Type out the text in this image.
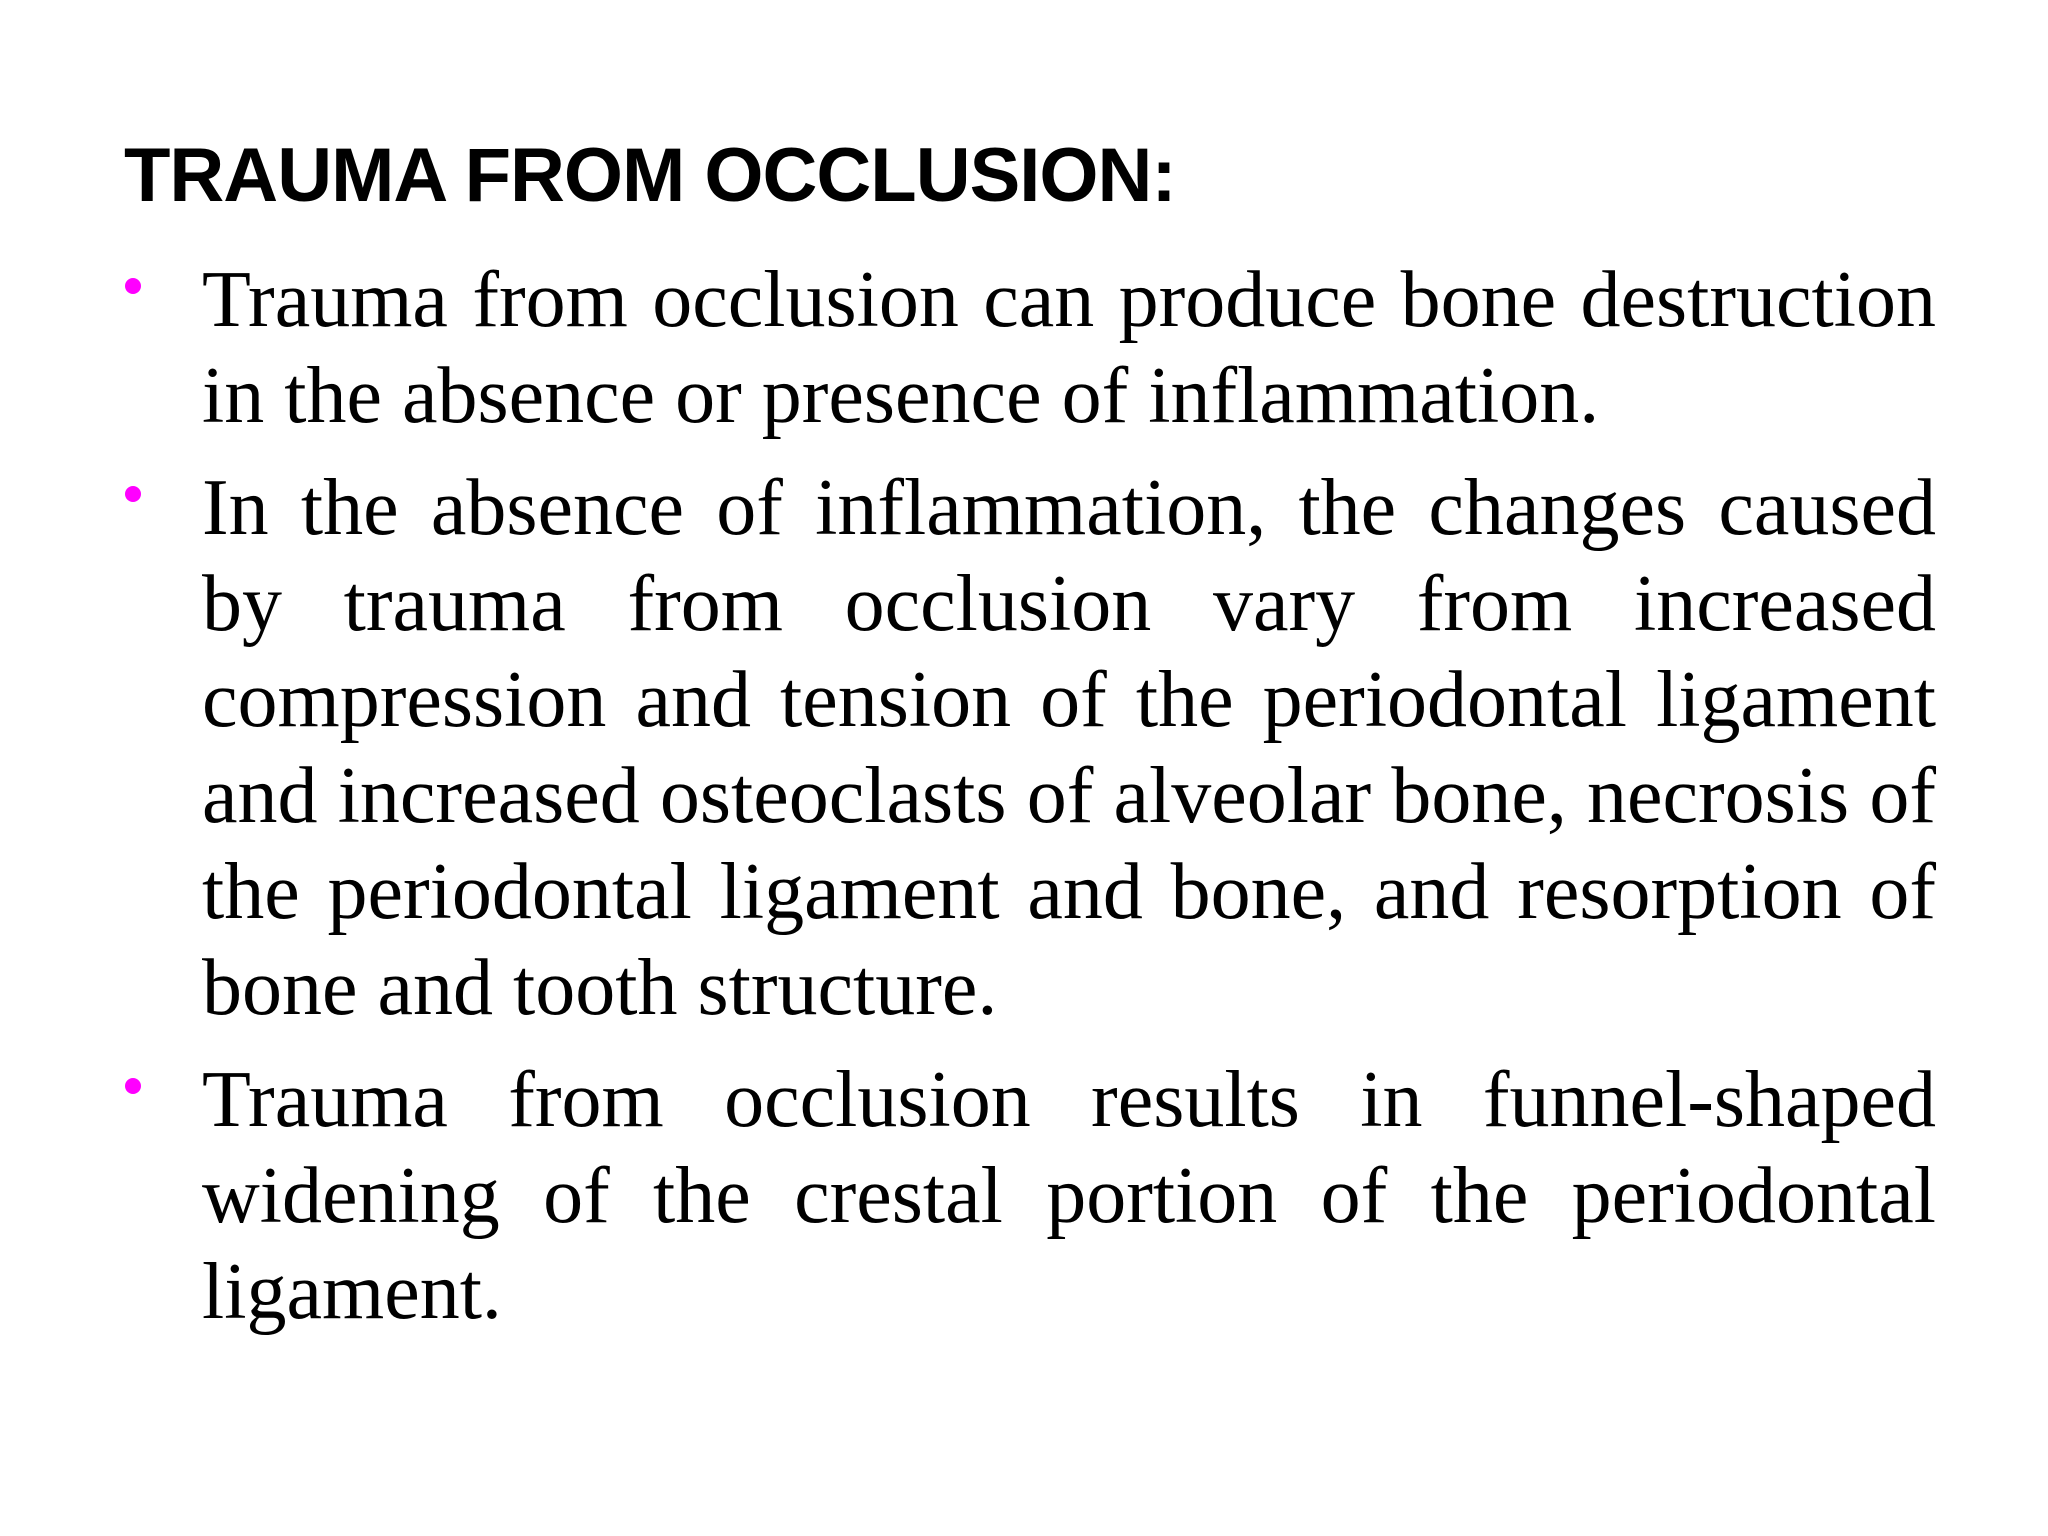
TRAUMA FROM OCCLUSION:
Trauma from occlusion can produce bone destruction in the absence or presence of inflammation.
In the absence of inflammation, the changes caused by trauma from occlusion vary from increased compression and tension of the periodontal ligament and increased osteoclasts of alveolar bone, necrosis of the periodontal ligament and bone, and resorption of bone and tooth structure.
Trauma from occlusion results in funnel-shaped widening of the crestal portion of the periodontal ligament.
